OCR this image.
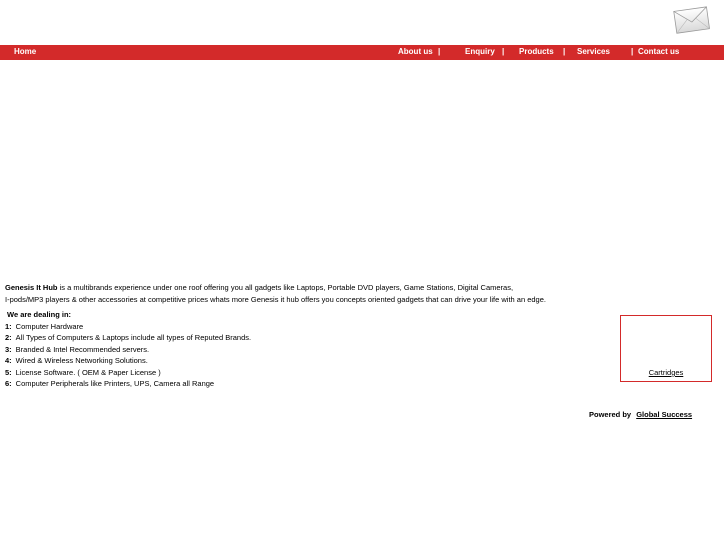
Home	About us |	Enquiry | Products | Services	| Contact us
Genesis It Hub is a multibrands experience under one roof offering you all gadgets like Laptops, Portable DVD players, Game Stations, Digital Cameras,
I-pods/MP3 players & other accessories at competitive prices whats more Genesis it hub offers you concepts oriented gadgets that can drive your life with an edge.
We are dealing in:
1: Computer Hardware
2: All Types of Computers & Laptops include all types of Reputed Brands.
3: Branded & Intel Recommended servers.
4: Wired & Wireless Networking Solutions.
5: License Software. ( OEM & Paper License )
6: Computer Peripherals like Printers, UPS, Camera all Range
Cartridges
Powered by Global Success
